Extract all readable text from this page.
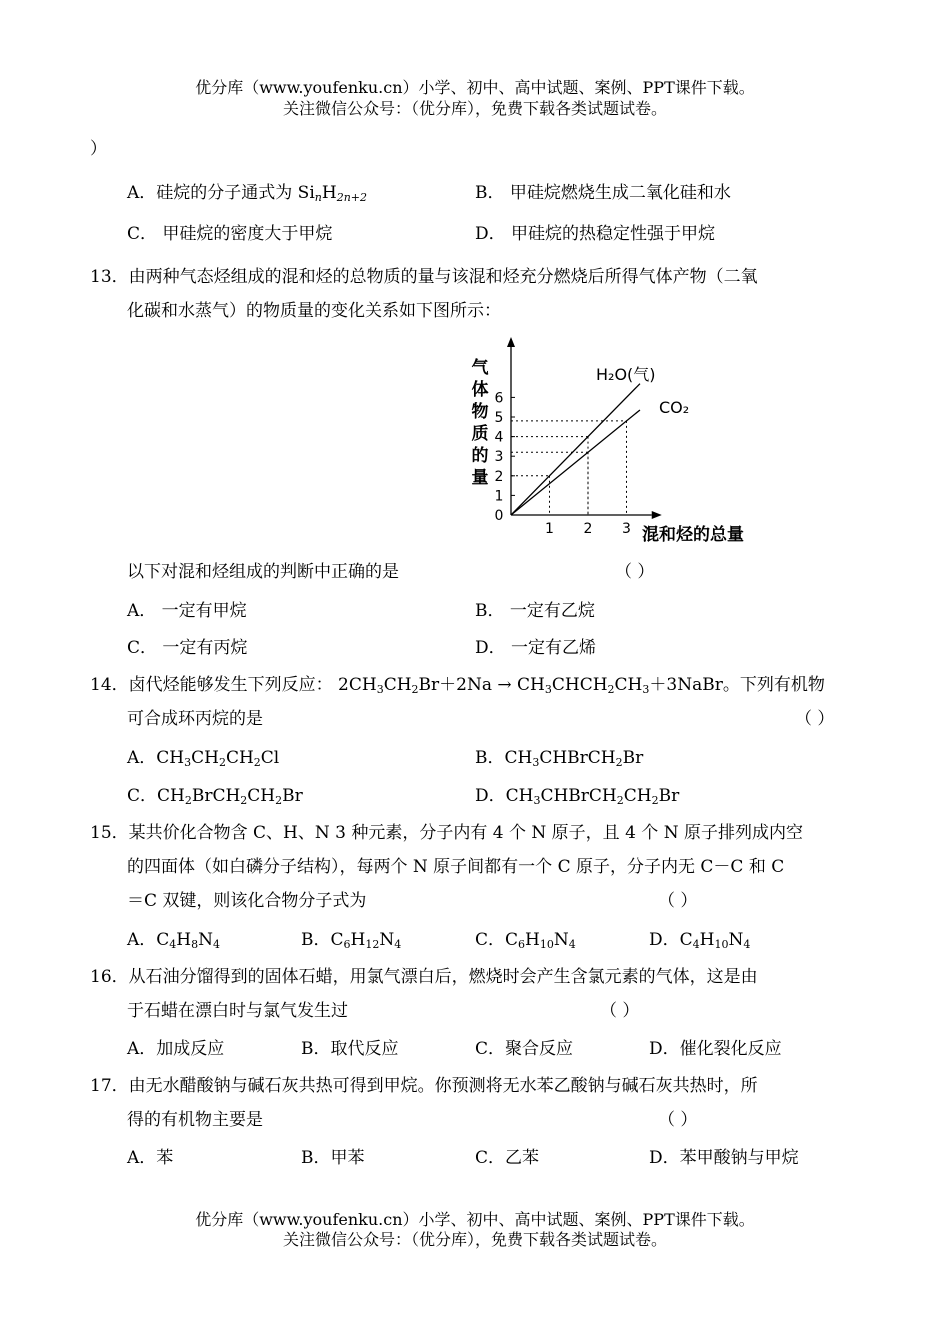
优分库（www.youfenku.cn）小学、初中、高中试题、案例、PPT课件下载。
关注微信公众号：（优分库），免费下载各类试题试卷。
）
A．硅烷的分子通式为 $Si_nH_{2n+2}$	B． 甲硅烷燃烧生成二氧化硅和水
C． 甲硅烷的密度大于甲烷	D． 甲硅烷的热稳定性强于甲烷
13．由两种气态烃组成的混和烃的总物质的量与该混和烃充分燃烧后所得气体产物（二氧
化碳和水蒸气）的物质量的变化关系如下图所示：
0
1
2
3
4
5
6
1 2 3
H₂O(气)
CO₂
气体物质的量
混和烃的总量
以下对混和烃组成的判断中正确的是	（ ）
A． 一定有甲烷	B． 一定有乙烷
C． 一定有丙烷	D． 一定有乙烯
14．卤代烃能够发生下列反应： $2CH_3CH_2Br+2Na$ → $CH_3CHCH_2CH_3+3NaBr$。下列有机物
可合成环丙烷的是	（ ）
A．$CH_3CH_2CH_2Cl$	B．$CH_3CHBrCH_2Br$
C．$CH_2BrCH_2CH_2Br$	D．$CH_3CHBrCH_2CH_2Br$
15．某共价化合物含 C、H、N 3 种元素，分子内有 4 个 N 原子，且 4 个 N 原子排列成内空
的四面体（如白磷分子结构），每两个 N 原子间都有一个 C 原子，分子内无 C－C 和 C
＝C 双键，则该化合物分子式为	（ ）
A．$C_4H_8N_4$	B．$C_6H_{12}N_4$	C．$C_6H_{10}N_4$	D．$C_4H_{10}N_4$
16．从石油分馏得到的固体石蜡，用氯气漂白后，燃烧时会产生含氯元素的气体，这是由
于石蜡在漂白时与氯气发生过	（ ）
A．加成反应	B．取代反应	C．聚合反应	D．催化裂化反应
17．由无水醋酸钠与碱石灰共热可得到甲烷。你预测将无水苯乙酸钠与碱石灰共热时，所
得的有机物主要是	（ ）
A．苯	B．甲苯	C．乙苯	D．苯甲酸钠与甲烷
优分库（www.youfenku.cn）小学、初中、高中试题、案例、PPT课件下载。
关注微信公众号：（优分库），免费下载各类试题试卷。
